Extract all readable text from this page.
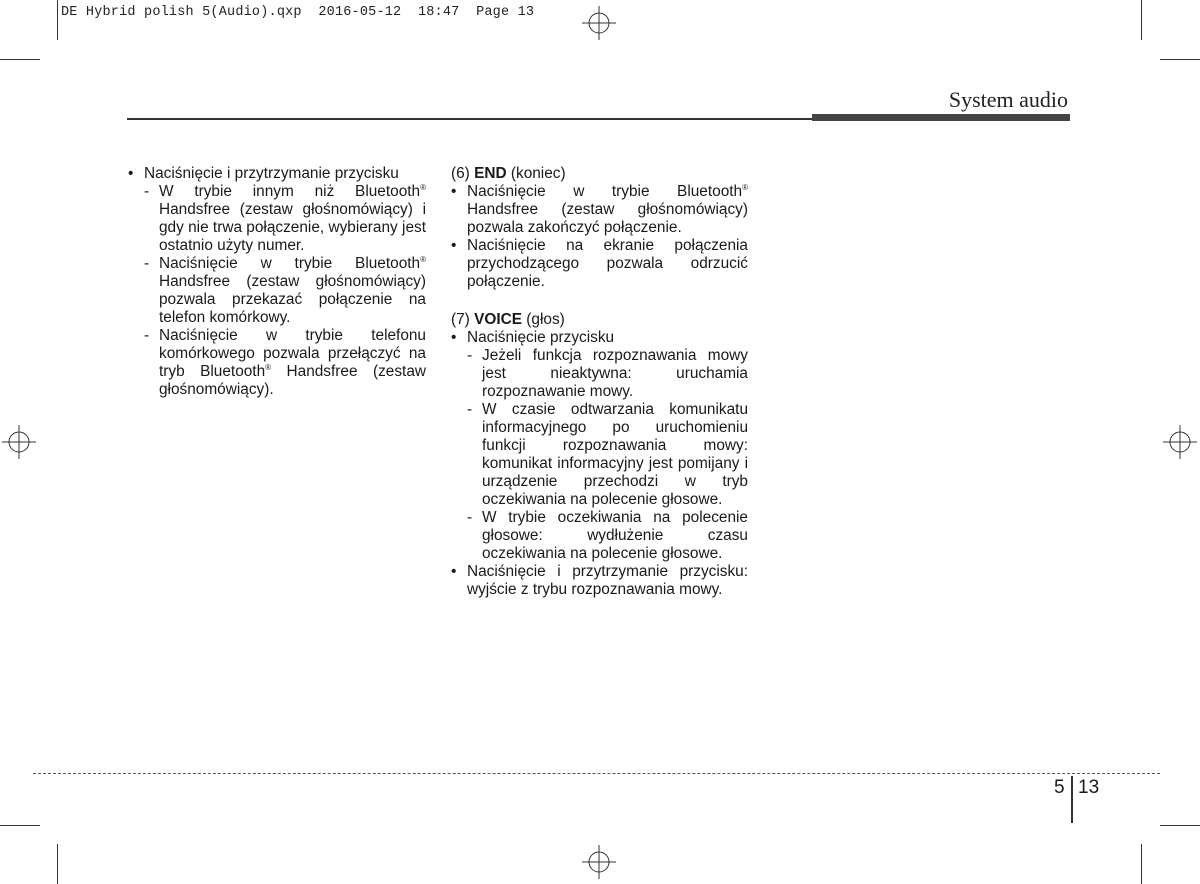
DE Hybrid polish 5(Audio).qxp  2016-05-12  18:47  Page 13
System audio
• Naciśnięcie i przytrzymanie przycisku
- W trybie innym niż Bluetooth® Handsfree (zestaw głośnomówiący) i gdy nie trwa połączenie, wybierany jest ostatnio użyty numer.
- Naciśnięcie w trybie Bluetooth® Handsfree (zestaw głośnomówiący) pozwala przekazać połączenie na telefon komórkowy.
- Naciśnięcie w trybie telefonu komórkowego pozwala przełączyć na tryb Bluetooth® Handsfree (zestaw głośnomówiący).
(6) END (koniec)
• Naciśnięcie w trybie Bluetooth® Handsfree (zestaw głośnomówiący) pozwala zakończyć połączenie.
• Naciśnięcie na ekranie połączenia przychodzącego pozwala odrzucić połączenie.
(7) VOICE (głos)
• Naciśnięcie przycisku
- Jeżeli funkcja rozpoznawania mowy jest nieaktywna: uruchamia rozpoznawanie mowy.
- W czasie odtwarzania komunikatu informacyjnego po uruchomieniu funkcji rozpoznawania mowy: komunikat informacyjny jest pomijany i urządzenie przechodzi w tryb oczekiwania na polecenie głosowe.
- W trybie oczekiwania na polecenie głosowe: wydłużenie czasu oczekiwania na polecenie głosowe.
• Naciśnięcie i przytrzymanie przycisku: wyjście z trybu rozpoznawania mowy.
5 13
